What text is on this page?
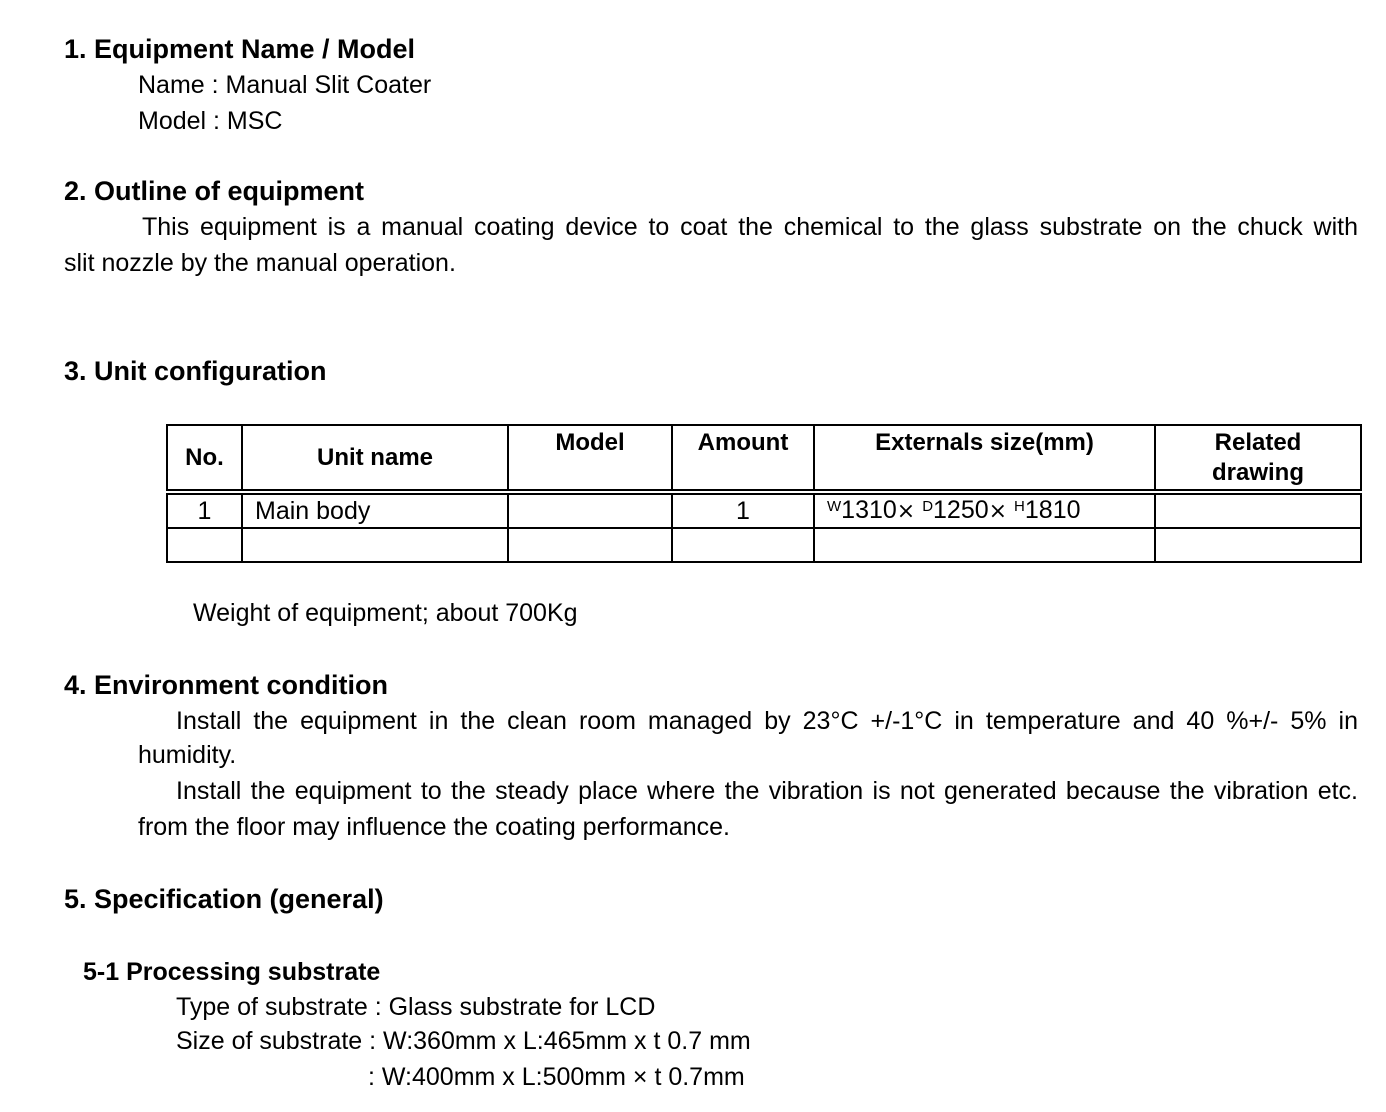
1. Equipment Name / Model
Name : Manual Slit Coater
Model : MSC
2. Outline of equipment
This equipment is a manual coating device to coat the chemical to the glass substrate on the chuck with
slit nozzle by the manual operation.
3. Unit configuration
No.	Unit name	Model	Amount	Externals size(mm)	Related drawing
1	Main body		1	$^W$1310× $^D$1250× $^H$1810	

Weight of equipment; about 700Kg
4. Environment condition
Install the equipment in the clean room managed by 23°C +/-1°C in temperature and 40 %+/- 5% in
humidity.
Install the equipment to the steady place where the vibration is not generated because the vibration etc.
from the floor may influence the coating performance.
5. Specification (general)
5-1 Processing substrate
Type of substrate : Glass substrate for LCD
Size of substrate : W:360mm x L:465mm x t 0.7 mm
: W:400mm x L:500mm × t 0.7mm
